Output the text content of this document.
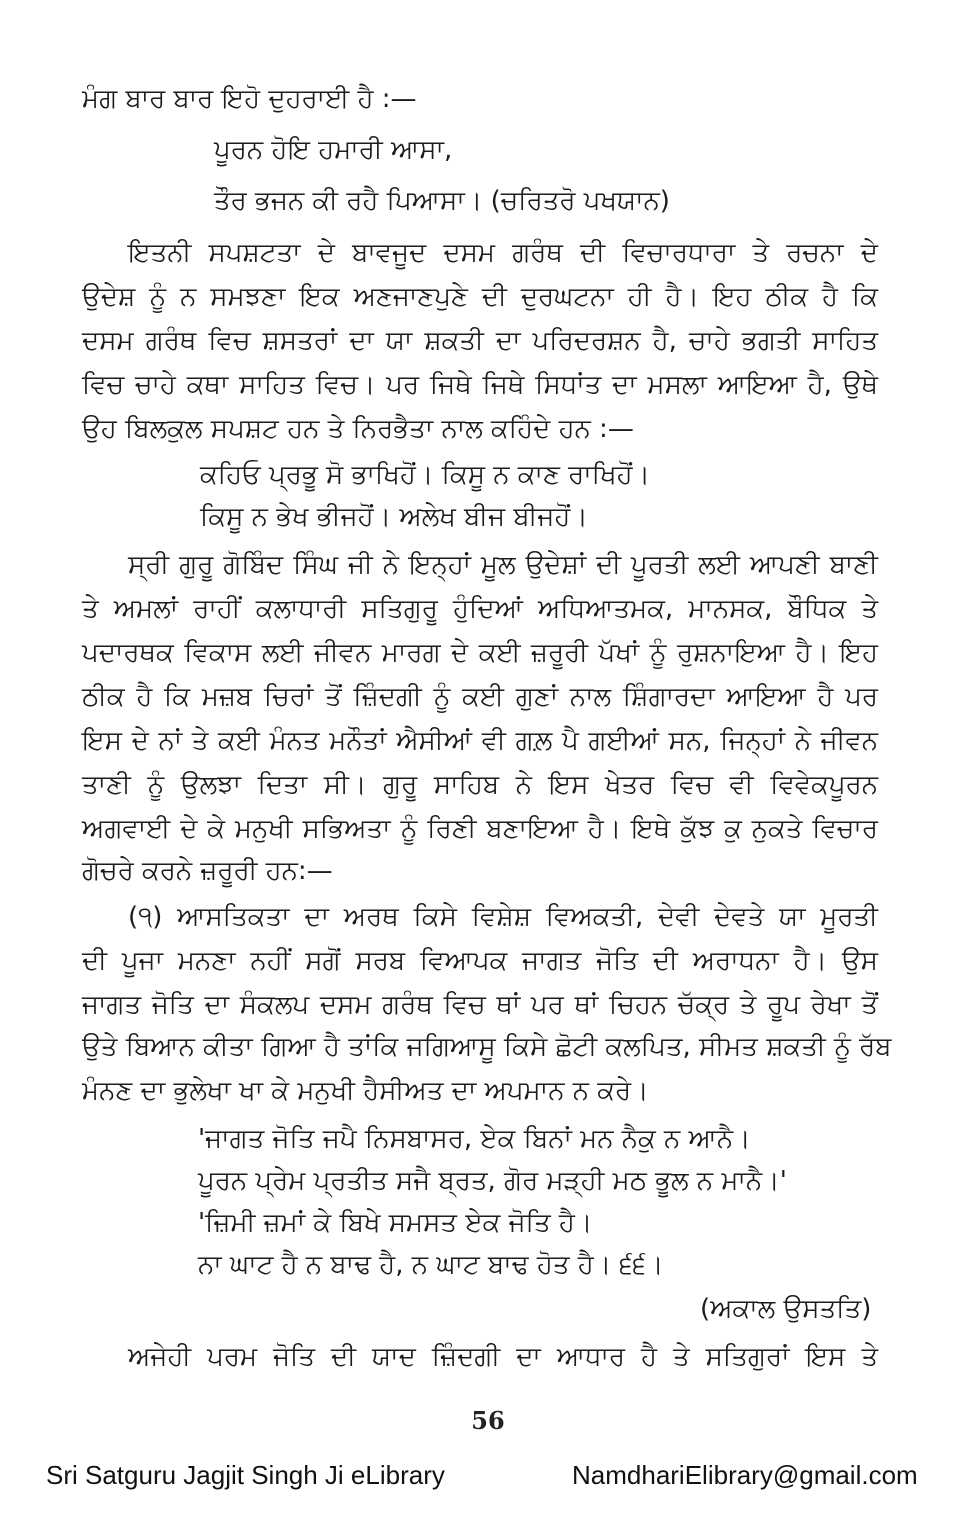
ਮੰਗ ਬਾਰ ਬਾਰ ਇਹੋ ਦੁਹਰਾਈ ਹੈ :—
ਪੂਰਨ ਹੋਇ ਹਮਾਰੀ ਆਸਾ,
ਤੌਰ ਭਜਨ ਕੀ ਰਹੈ ਪਿਆਸਾ। (ਚਰਿਤਰੋ ਪਖਯਾਨ)
ਇਤਨੀ ਸਪਸ਼ਟਤਾ ਦੇ ਬਾਵਜੂਦ ਦਸਮ ਗਰੰਥ ਦੀ ਵਿਚਾਰਧਾਰਾ ਤੇ ਰਚਨਾ ਦੇ
ਉਦੇਸ਼ ਨੂੰ ਨ ਸਮਝਣਾ ਇਕ ਅਣਜਾਣਪੁਣੇ ਦੀ ਦੁਰਘਟਨਾ ਹੀ ਹੈ। ਇਹ ਠੀਕ ਹੈ ਕਿ
ਦਸਮ ਗਰੰਥ ਵਿਚ ਸ਼ਸਤਰਾਂ ਦਾ ਯਾ ਸ਼ਕਤੀ ਦਾ ਪਰਿਦਰਸ਼ਨ ਹੈ, ਚਾਹੇ ਭਗਤੀ ਸਾਹਿਤ
ਵਿਚ ਚਾਹੇ ਕਥਾ ਸਾਹਿਤ ਵਿਚ। ਪਰ ਜਿਥੇ ਜਿਥੇ ਸਿਧਾਂਤ ਦਾ ਮਸਲਾ ਆਇਆ ਹੈ, ਉਥੇ
ਉਹ ਬਿਲਕੁਲ ਸਪਸ਼ਟ ਹਨ ਤੇ ਨਿਰਭੈਤਾ ਨਾਲ ਕਹਿੰਦੇ ਹਨ :—
ਕਹਿਓ ਪ੍ਰਭੂ ਸੋ ਭਾਖਿਹੋਂ। ਕਿਸੂ ਨ ਕਾਣ ਰਾਖਿਹੋਂ।
ਕਿਸੂ ਨ ਭੇਖ ਭੀਜਹੋਂ। ਅਲੇਖ ਬੀਜ ਬੀਜਹੋਂ।
ਸ੍ਰੀ ਗੁਰੂ ਗੋਬਿੰਦ ਸਿੰਘ ਜੀ ਨੇ ਇਨ੍ਹਾਂ ਮੂਲ ਉਦੇਸ਼ਾਂ ਦੀ ਪੂਰਤੀ ਲਈ ਆਪਣੀ ਬਾਣੀ
ਤੇ ਅਮਲਾਂ ਰਾਹੀਂ ਕਲਾਧਾਰੀ ਸਤਿਗੁਰੂ ਹੁੰਦਿਆਂ ਅਧਿਆਤਮਕ, ਮਾਨਸਕ, ਬੌਧਿਕ ਤੇ
ਪਦਾਰਥਕ ਵਿਕਾਸ ਲਈ ਜੀਵਨ ਮਾਰਗ ਦੇ ਕਈ ਜ਼ਰੂਰੀ ਪੱਖਾਂ ਨੂੰ ਰੁਸ਼ਨਾਇਆ ਹੈ। ਇਹ
ਠੀਕ ਹੈ ਕਿ ਮਜ਼ਬ ਚਿਰਾਂ ਤੋਂ ਜ਼ਿੰਦਗੀ ਨੂੰ ਕਈ ਗੁਣਾਂ ਨਾਲ ਸ਼ਿੰਗਾਰਦਾ ਆਇਆ ਹੈ ਪਰ
ਇਸ ਦੇ ਨਾਂ ਤੇ ਕਈ ਮੰਨਤ ਮਨੌਤਾਂ ਐਸੀਆਂ ਵੀ ਗਲ਼ ਪੈ ਗਈਆਂ ਸਨ, ਜਿਨ੍ਹਾਂ ਨੇ ਜੀਵਨ
ਤਾਣੀ ਨੂੰ ਉਲਝਾ ਦਿਤਾ ਸੀ। ਗੁਰੂ ਸਾਹਿਬ ਨੇ ਇਸ ਖੇਤਰ ਵਿਚ ਵੀ ਵਿਵੇਕਪੂਰਨ
ਅਗਵਾਈ ਦੇ ਕੇ ਮਨੁਖੀ ਸਭਿਅਤਾ ਨੂੰ ਰਿਣੀ ਬਣਾਇਆ ਹੈ। ਇਥੇ ਕੁੱਝ ਕੁ ਨੁਕਤੇ ਵਿਚਾਰ
ਗੋਚਰੇ ਕਰਨੇ ਜ਼ਰੂਰੀ ਹਨ:—
(੧) ਆਸਤਿਕਤਾ ਦਾ ਅਰਥ ਕਿਸੇ ਵਿਸ਼ੇਸ਼ ਵਿਅਕਤੀ, ਦੇਵੀ ਦੇਵਤੇ ਯਾ ਮੂਰਤੀ
ਦੀ ਪੂਜਾ ਮਨਣਾ ਨਹੀਂ ਸਗੋਂ ਸਰਬ ਵਿਆਪਕ ਜਾਗਤ ਜੋਤਿ ਦੀ ਅਰਾਧਨਾ ਹੈ। ਉਸ
ਜਾਗਤ ਜੋਤਿ ਦਾ ਸੰਕਲਪ ਦਸਮ ਗਰੰਥ ਵਿਚ ਥਾਂ ਪਰ ਥਾਂ ਚਿਹਨ ਚੱਕ੍ਰ ਤੇ ਰੂਪ ਰੇਖਾ ਤੋਂ
ਉਤੇ ਬਿਆਨ ਕੀਤਾ ਗਿਆ ਹੈ ਤਾਂਕਿ ਜਗਿਆਸੂ ਕਿਸੇ ਛੋਟੀ ਕਲਪਿਤ, ਸੀਮਤ ਸ਼ਕਤੀ ਨੂੰ ਰੱਬ
ਮੰਨਣ ਦਾ ਭੁਲੇਖਾ ਖਾ ਕੇ ਮਨੁਖੀ ਹੈਸੀਅਤ ਦਾ ਅਪਮਾਨ ਨ ਕਰੇ।
'ਜਾਗਤ ਜੋਤਿ ਜਪੈ ਨਿਸਬਾਸਰ, ਏਕ ਬਿਨਾਂ ਮਨ ਨੈਕੁ ਨ ਆਨੈ।
ਪੂਰਨ ਪ੍ਰੇਮ ਪ੍ਰਤੀਤ ਸਜੈ ਬ੍ਰਤ, ਗੋਰ ਮੜ੍ਹੀ ਮਠ ਭੂਲ ਨ ਮਾਨੈ।'
'ਜ਼ਿਮੀ ਜ਼ਮਾਂ ਕੇ ਬਿਖੇ ਸਮਸਤ ਏਕ ਜੋਤਿ ਹੈ।
ਨਾ ਘਾਟ ਹੈ ਨ ਬਾਢ ਹੈ, ਨ ਘਾਟ ਬਾਢ ਹੋਤ ਹੈ। ੬੬।
(ਅਕਾਲ ਉਸਤਤਿ)
ਅਜੇਹੀ ਪਰਮ ਜੋਤਿ ਦੀ ਯਾਦ ਜ਼ਿੰਦਗੀ ਦਾ ਆਧਾਰ ਹੈ ਤੇ ਸਤਿਗੁਰਾਂ ਇਸ ਤੇ
56
Sri Satguru Jagjit Singh Ji eLibrary	NamdhariElibrary@gmail.com
